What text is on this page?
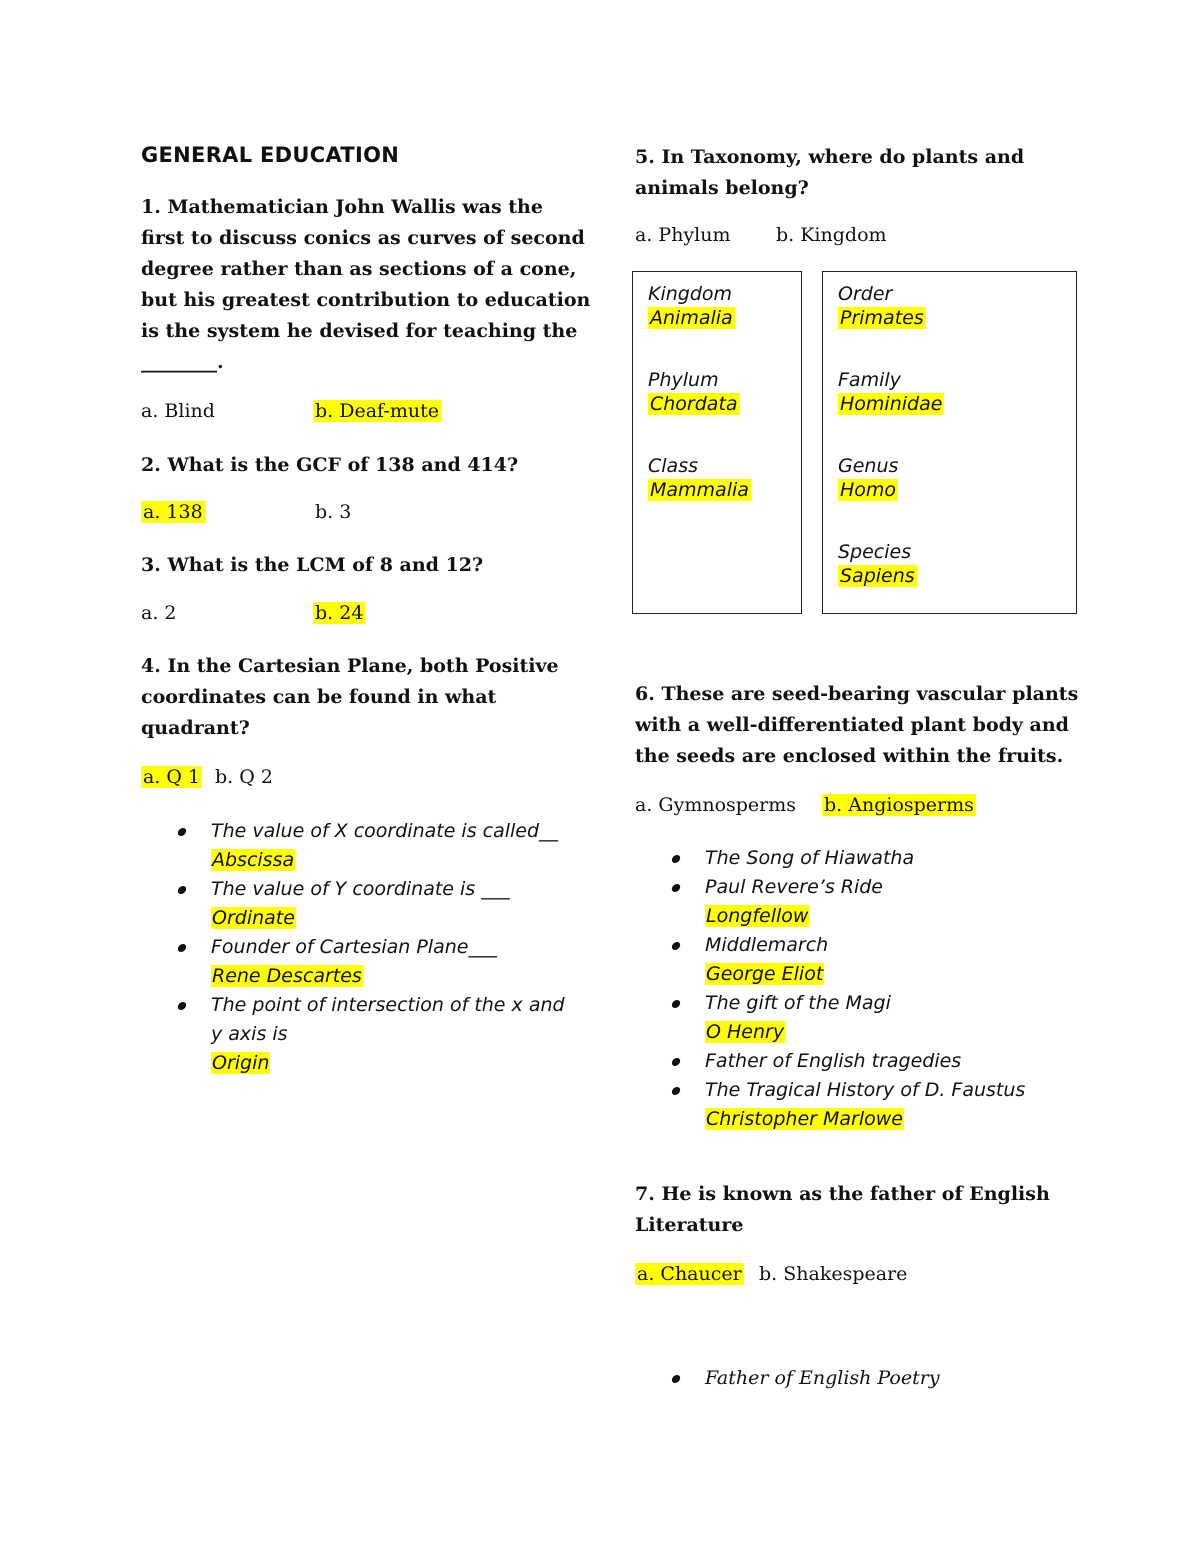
GENERAL EDUCATION
1. Mathematician John Wallis was the
first to discuss conics as curves of second
degree rather than as sections of a cone,
but his greatest contribution to education
is the system he devised for teaching the
________.
a. Blind	b. Deaf-mute
2. What is the GCF of 138 and 414?
a. 138	b. 3
3. What is the LCM of 8 and 12?
a. 2	b. 24
4. In the Cartesian Plane, both Positive
coordinates can be found in what
quadrant?
a. Q 1 b. Q 2
The value of X coordinate is called__
Abscissa
The value of Y coordinate is ___
Ordinate
Founder of Cartesian Plane___
Rene Descartes
The point of intersection of the x and
y axis is
Origin
5. In Taxonomy, where do plants and
animals belong?
a. Phylum b. Kingdom
Kingdom
Animalia
Phylum
Chordata
Class
Mammalia
Order
Primates
Family
Hominidae
Genus
Homo
Species
Sapiens
6. These are seed-bearing vascular plants
with a well-differentiated plant body and
the seeds are enclosed within the fruits.
a. Gymnosperms b. Angiosperms
The Song of Hiawatha
Paul Revere’s Ride
Longfellow
Middlemarch
George Eliot
The gift of the Magi
O Henry
Father of English tragedies
The Tragical History of D. Faustus
Christopher Marlowe
7. He is known as the father of English
Literature
a. Chaucer b. Shakespeare
Father of English Poetry
